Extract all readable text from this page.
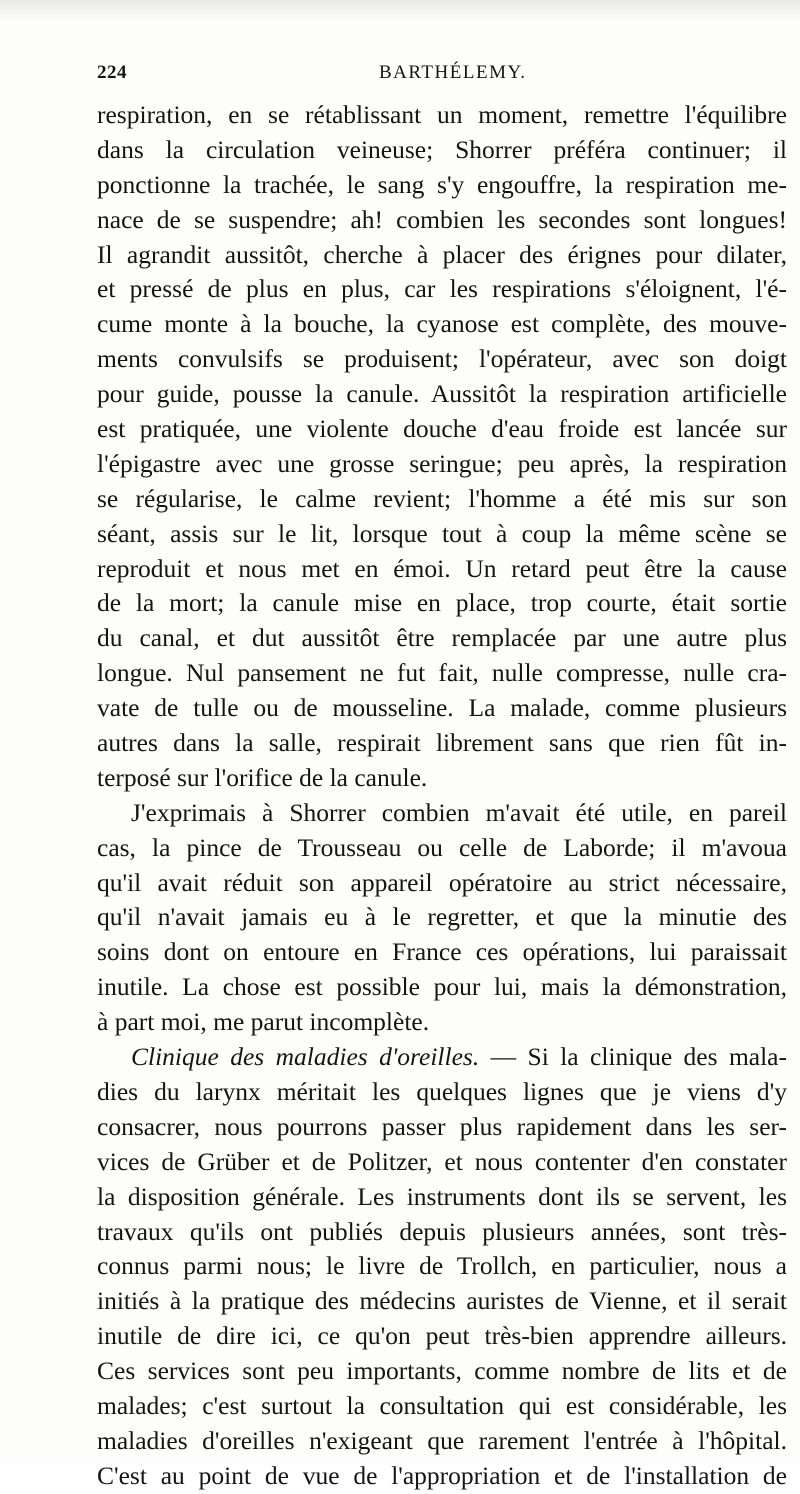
224	BARTHÉLEMY.
respiration, en se rétablissant un moment, remettre l'équilibre
dans la circulation veineuse; Shorrer préféra continuer; il
ponctionne la trachée, le sang s'y engouffre, la respiration me-
nace de se suspendre; ah! combien les secondes sont longues!
Il agrandit aussitôt, cherche à placer des érignes pour dilater,
et pressé de plus en plus, car les respirations s'éloignent, l'é-
cume monte à la bouche, la cyanose est complète, des mouve-
ments convulsifs se produisent; l'opérateur, avec son doigt
pour guide, pousse la canule. Aussitôt la respiration artificielle
est pratiquée, une violente douche d'eau froide est lancée sur
l'épigastre avec une grosse seringue; peu après, la respiration
se régularise, le calme revient; l'homme a été mis sur son
séant, assis sur le lit, lorsque tout à coup la même scène se
reproduit et nous met en émoi. Un retard peut être la cause
de la mort; la canule mise en place, trop courte, était sortie
du canal, et dut aussitôt être remplacée par une autre plus
longue. Nul pansement ne fut fait, nulle compresse, nulle cra-
vate de tulle ou de mousseline. La malade, comme plusieurs
autres dans la salle, respirait librement sans que rien fût in-
terposé sur l'orifice de la canule.
J'exprimais à Shorrer combien m'avait été utile, en pareil
cas, la pince de Trousseau ou celle de Laborde; il m'avoua
qu'il avait réduit son appareil opératoire au strict nécessaire,
qu'il n'avait jamais eu à le regretter, et que la minutie des
soins dont on entoure en France ces opérations, lui paraissait
inutile. La chose est possible pour lui, mais la démonstration,
à part moi, me parut incomplète.
Clinique des maladies d'oreilles. — Si la clinique des mala-
dies du larynx méritait les quelques lignes que je viens d'y
consacrer, nous pourrons passer plus rapidement dans les ser-
vices de Grüber et de Politzer, et nous contenter d'en constater
la disposition générale. Les instruments dont ils se servent, les
travaux qu'ils ont publiés depuis plusieurs années, sont très-
connus parmi nous; le livre de Trollch, en particulier, nous a
initiés à la pratique des médecins auristes de Vienne, et il serait
inutile de dire ici, ce qu'on peut très-bien apprendre ailleurs.
Ces services sont peu importants, comme nombre de lits et de
malades; c'est surtout la consultation qui est considérable, les
maladies d'oreilles n'exigeant que rarement l'entrée à l'hôpital.
C'est au point de vue de l'appropriation et de l'installation de
